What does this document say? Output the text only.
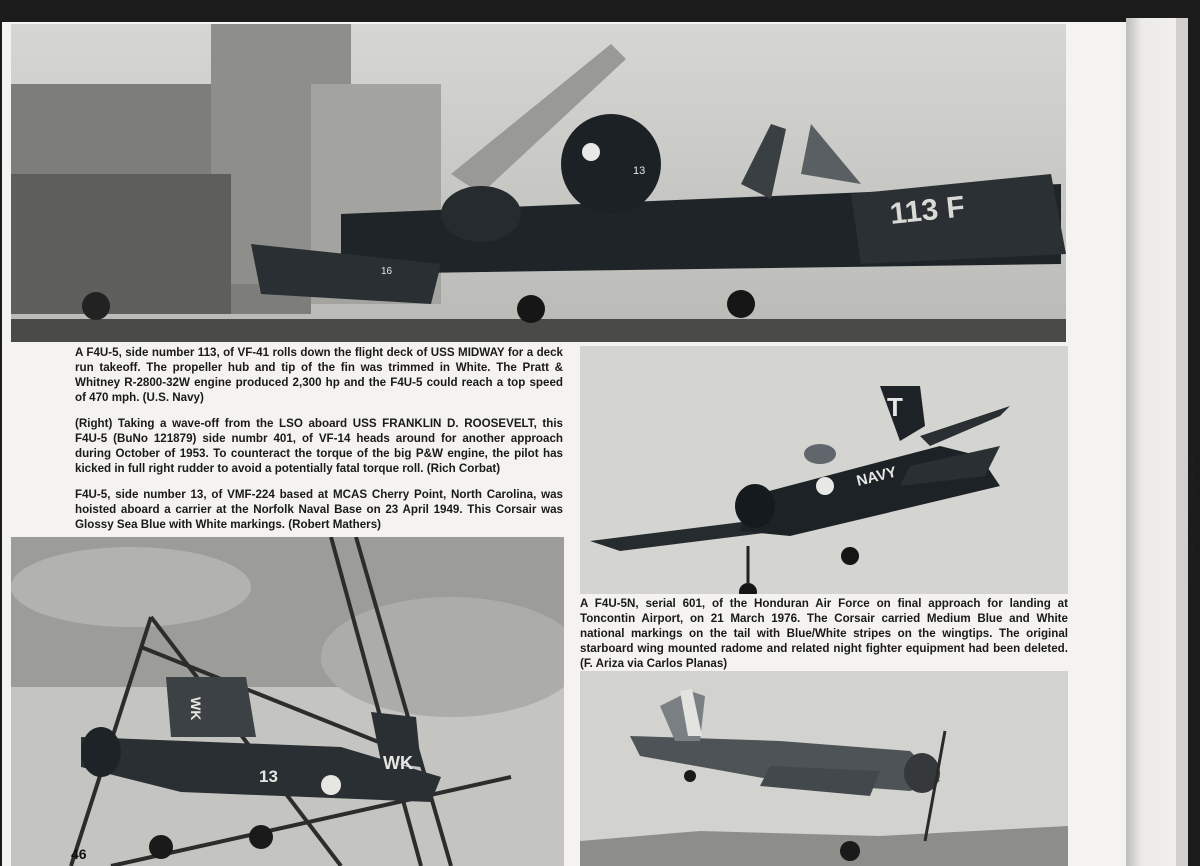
113 F
13
16

A F4U-5, side number 113, of VF-41 rolls down the flight deck of USS MIDWAY for a deck run takeoff. The propeller hub and tip of the fin was trimmed in White. The Pratt & Whitney R-2800-32W engine produced 2,300 hp and the F4U-5 could reach a top speed of 470 mph. (U.S. Navy)

(Right) Taking a wave-off from the LSO aboard USS FRANKLIN D. ROOSEVELT, this F4U-5 (BuNo 121879) side numbr 401, of VF-14 heads around for another approach during October of 1953. To counteract the torque of the big P&W engine, the pilot has kicked in full right rudder to avoid a potentially fatal torque roll. (Rich Corbat)

F4U-5, side number 13, of VMF-224 based at MCAS Cherry Point, North Carolina, was hoisted aboard a carrier at the Norfolk Naval Base on 23 April 1949. This Corsair was Glossy Sea Blue with White markings. (Robert Mathers)

NAVY
T

A F4U-5N, serial 601, of the Honduran Air Force on final approach for landing at Toncontin Airport, on 21 March 1976. The Corsair carried Medium Blue and White national markings on the tail with Blue/White stripes on the wingtips. The original starboard wing mounted radome and related night fighter equipment had been deleted. (F. Ariza via Carlos Planas)

13
WK
WK
46
A
o
N
a
T
a
ir
d
